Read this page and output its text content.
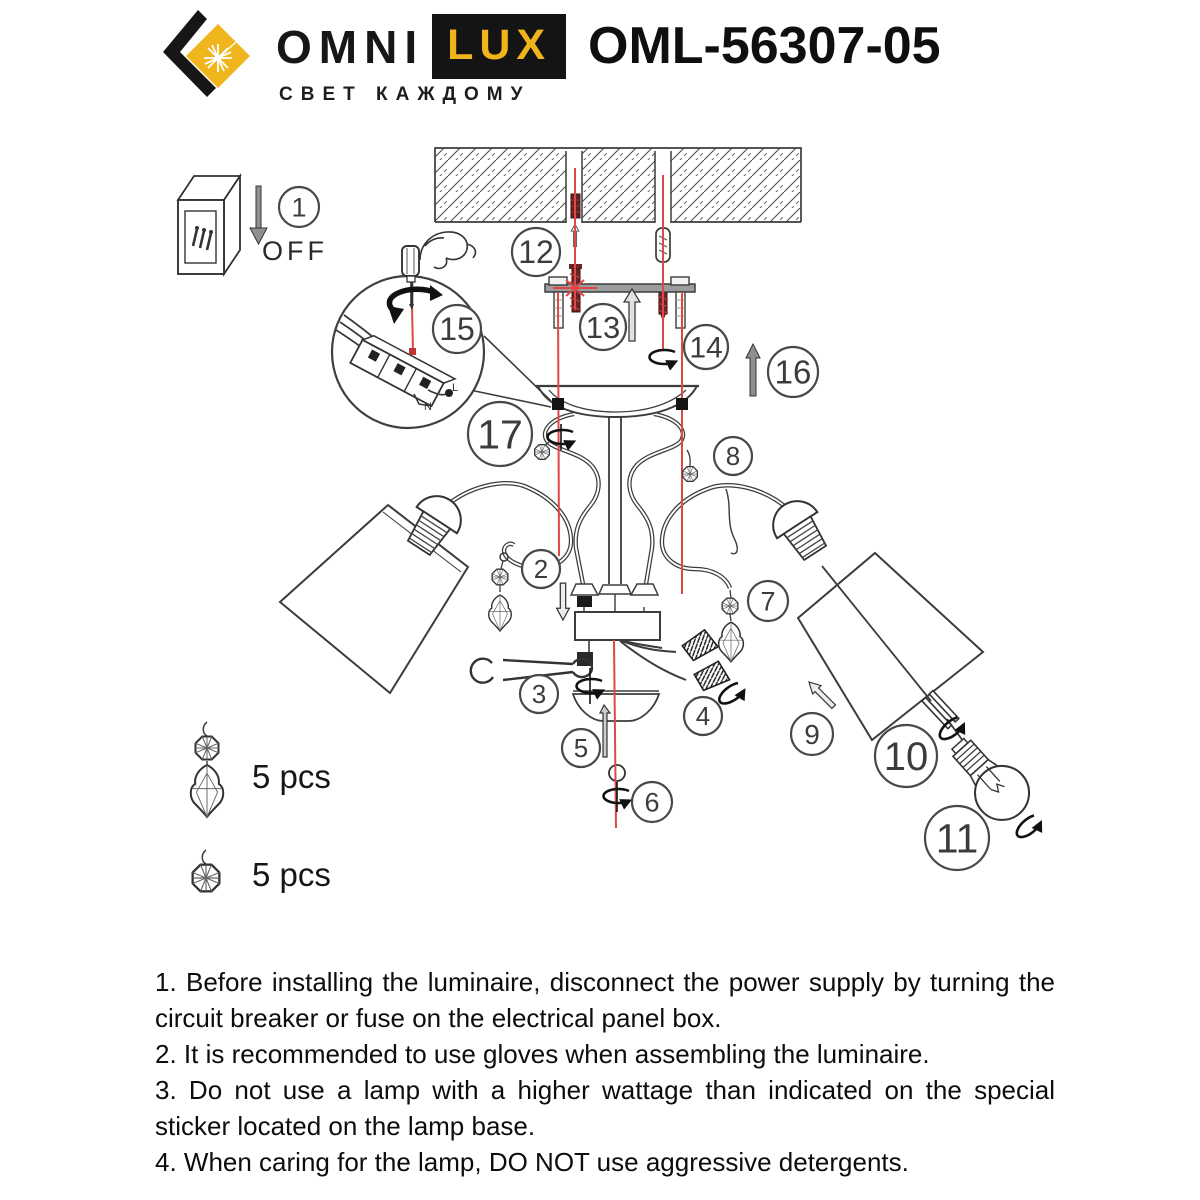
OMNI LUX
СВЕТ КАЖДОМУ
OML-56307-05
OFF
N
L
1
2
3
4
5
6
7
8
9
10
11
12
13
14
15
16
17
5 pcs
5 pcs

1. Before installing the luminaire, disconnect the power supply by turning the circuit breaker or fuse on the electrical panel box.

2. It is recommended to use gloves when assembling the luminaire.

3. Do not use a lamp with a higher wattage than indicated on the special sticker located on the lamp base.

4. When caring for the lamp, DO NOT use aggressive detergents.
